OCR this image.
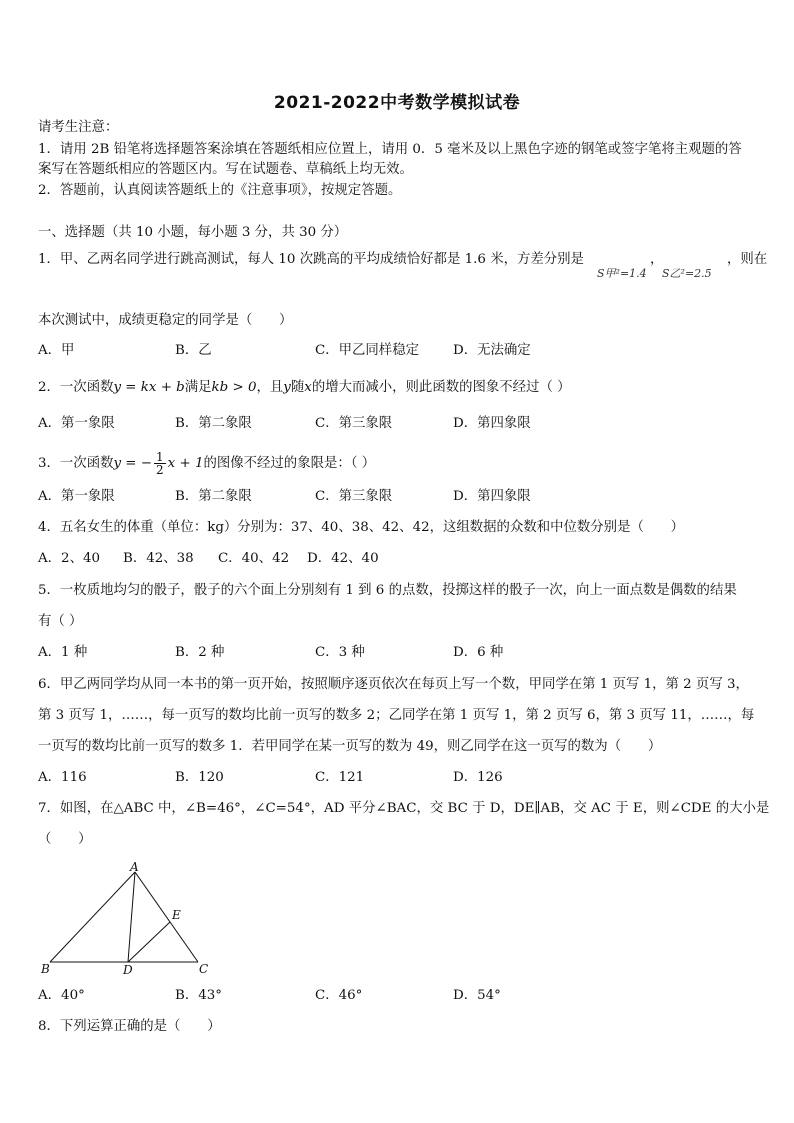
2021-2022中考数学模拟试卷
请考生注意：
1．请用 2B 铅笔将选择题答案涂填在答题纸相应位置上，请用 0．5 毫米及以上黑色字迹的钢笔或签字笔将主观题的答
案写在答题纸相应的答题区内。写在试题卷、草稿纸上均无效。
2．答题前，认真阅读答题纸上的《注意事项》，按规定答题。
一、选择题（共 10 小题，每小题 3 分，共 30 分）
1．甲、乙两名同学进行跳高测试，每人 10 次跳高的平均成绩恰好都是 1.6 米，方差分别是
S甲²=1.4
，
S乙²=2.5
，则在
本次测试中，成绩更稳定的同学是（　　）
A．甲	B．乙	C．甲乙同样稳定	D．无法确定
2．一次函数y = kx + b满足kb > 0，且y随x的增大而减小，则此函数的图象不经过（ ）
A．第一象限	B．第二象限	C．第三象限	D．第四象限
3．一次函数y = − $\frac{1}{2}$ x + 1的图像不经过的象限是：（ ）
A．第一象限	B．第二象限	C．第三象限	D．第四象限
4．五名女生的体重（单位：kg）分别为：37、40、38、42、42，这组数据的众数和中位数分别是（　　）
A．2、40 B．42、38 C．40、42 D．42、40
5．一枚质地均匀的骰子，骰子的六个面上分别刻有 1 到 6 的点数，投掷这样的骰子一次，向上一面点数是偶数的结果
有（ ）
A．1 种	B．2 种	C．3 种	D．6 种
6．甲乙两同学均从同一本书的第一页开始，按照顺序逐页依次在每页上写一个数，甲同学在第 1 页写 1，第 2 页写 3，
第 3 页写 1，……，每一页写的数均比前一页写的数多 2；乙同学在第 1 页写 1，第 2 页写 6，第 3 页写 11，……，每
一页写的数均比前一页写的数多 1．若甲同学在某一页写的数为 49，则乙同学在这一页写的数为（　　）
A．116	B．120	C．121	D．126
7．如图，在△ABC 中，∠B=46°，∠C=54°，AD 平分∠BAC，交 BC 于 D，DE∥AB，交 AC 于 E，则∠CDE 的大小是
（　　）
A
B	C
D
E
A．40°	B．43°	C．46°	D．54°
8．下列运算正确的是（　　）
